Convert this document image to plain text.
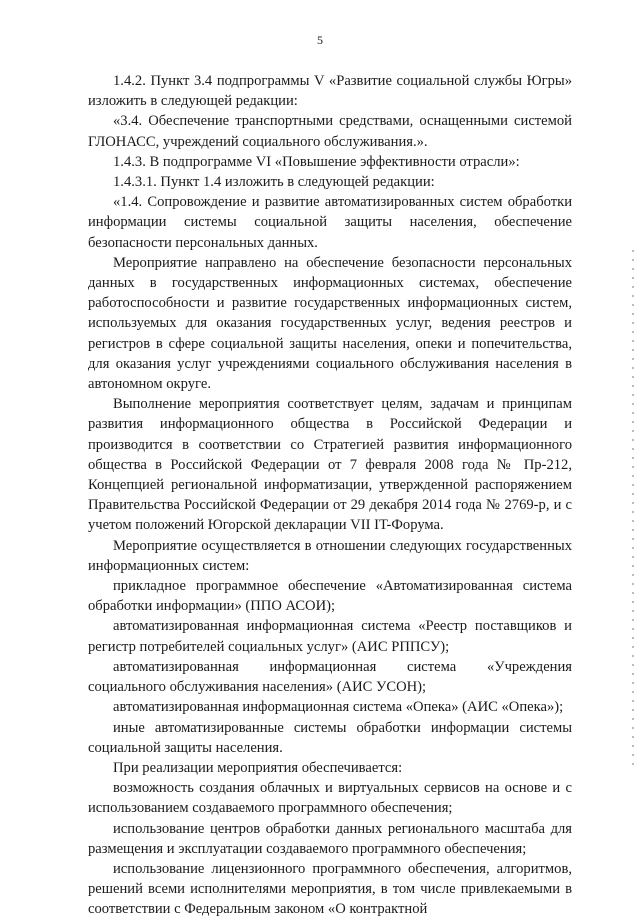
5

1.4.2. Пункт 3.4 подпрограммы V «Развитие социальной службы Югры» изложить в следующей редакции:

«3.4. Обеспечение транспортными средствами, оснащенными системой ГЛОНАСС, учреждений социального обслуживания.».

1.4.3. В подпрограмме VI «Повышение эффективности отрасли»:

1.4.3.1. Пункт 1.4 изложить в следующей редакции:

«1.4. Сопровождение и развитие автоматизированных систем обработки информации системы социальной защиты населения, обеспечение безопасности персональных данных.

Мероприятие направлено на обеспечение безопасности персональных данных в государственных информационных системах, обеспечение работоспособности и развитие государственных информационных систем, используемых для оказания государственных услуг, ведения реестров и регистров в сфере социальной защиты населения, опеки и попечительства, для оказания услуг учреждениями социального обслуживания населения в автономном округе.

Выполнение мероприятия соответствует целям, задачам и принципам развития информационного общества в Российской Федерации и производится в соответствии со Стратегией развития информационного общества в Российской Федерации от 7 февраля 2008 года № Пр-212, Концепцией региональной информатизации, утвержденной распоряжением Правительства Российской Федерации от 29 декабря 2014 года № 2769-р, и с учетом положений Югорской декларации VII IT-Форума.

Мероприятие осуществляется в отношении следующих государственных информационных систем:

прикладное программное обеспечение «Автоматизированная система обработки информации» (ППО АСОИ);

автоматизированная информационная система «Реестр поставщиков и регистр потребителей социальных услуг» (АИС РППСУ);

автоматизированная информационная система «Учреждения социального обслуживания населения» (АИС УСОН);

автоматизированная информационная система «Опека» (АИС «Опека»);

иные автоматизированные системы обработки информации системы социальной защиты населения.

При реализации мероприятия обеспечивается:

возможность создания облачных и виртуальных сервисов на основе и с использованием создаваемого программного обеспечения;

использование центров обработки данных регионального масштаба для размещения и эксплуатации создаваемого программного обеспечения;

использование лицензионного программного обеспечения, алгоритмов, решений всеми исполнителями мероприятия, в том числе привлекаемыми в соответствии с Федеральным законом «О контрактной
